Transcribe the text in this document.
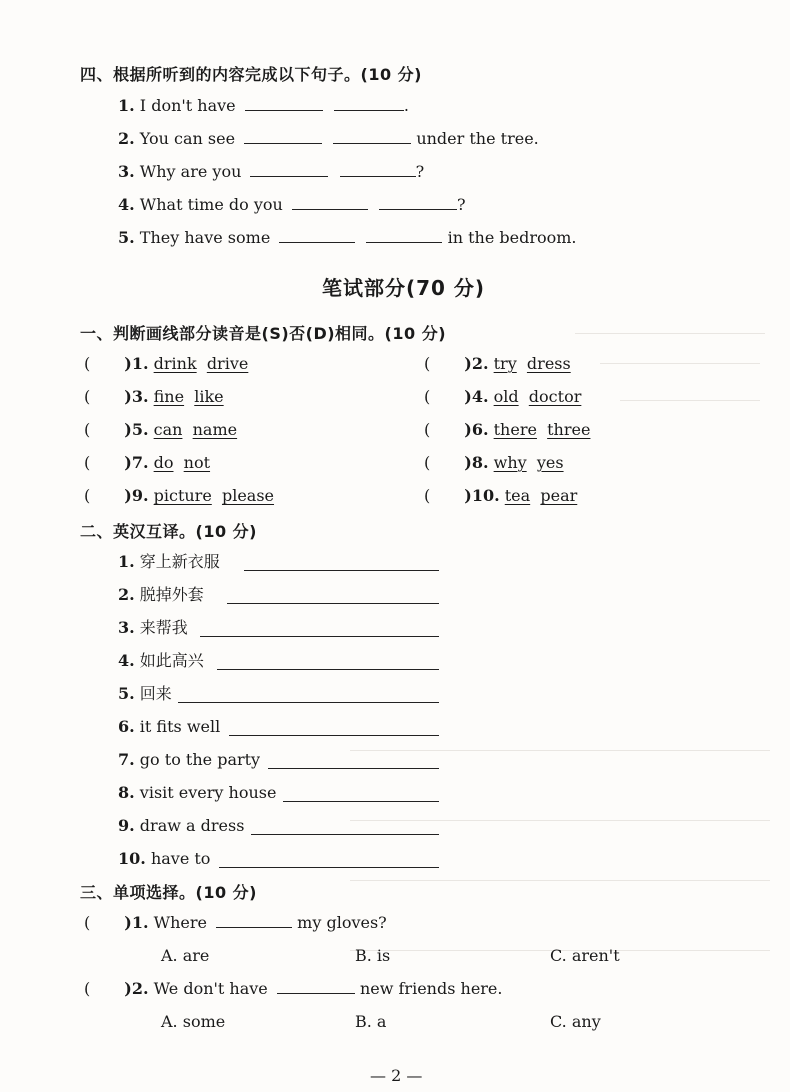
四、根据所听到的内容完成以下句子。(10 分)
1. I don't have	.
2. You can see	under the tree.
3. Why are you	?
4. What time do you	?
5. They have some	in the bedroom.
笔试部分(70 分)
一、判断画线部分读音是(S)否(D)相同。(10 分)
( )1. drink drive	( )2. try dress
( )3. fine like	( )4. old doctor
( )5. can name	( )6. there three
( )7. do not	( )8. why yes
( )9. picture please	( )10. tea pear
二、英汉互译。(10 分)
1. 穿上新衣服
2. 脱掉外套
3. 来帮我
4. 如此高兴
5. 回来
6. it fits well
7. go to the party
8. visit every house
9. draw a dress
10. have to
三、单项选择。(10 分)
( )1. Where	my gloves?
A. are	B. is	C. aren't
( )2. We don't have	new friends here.
A. some	B. a	C. any
— 2 —
